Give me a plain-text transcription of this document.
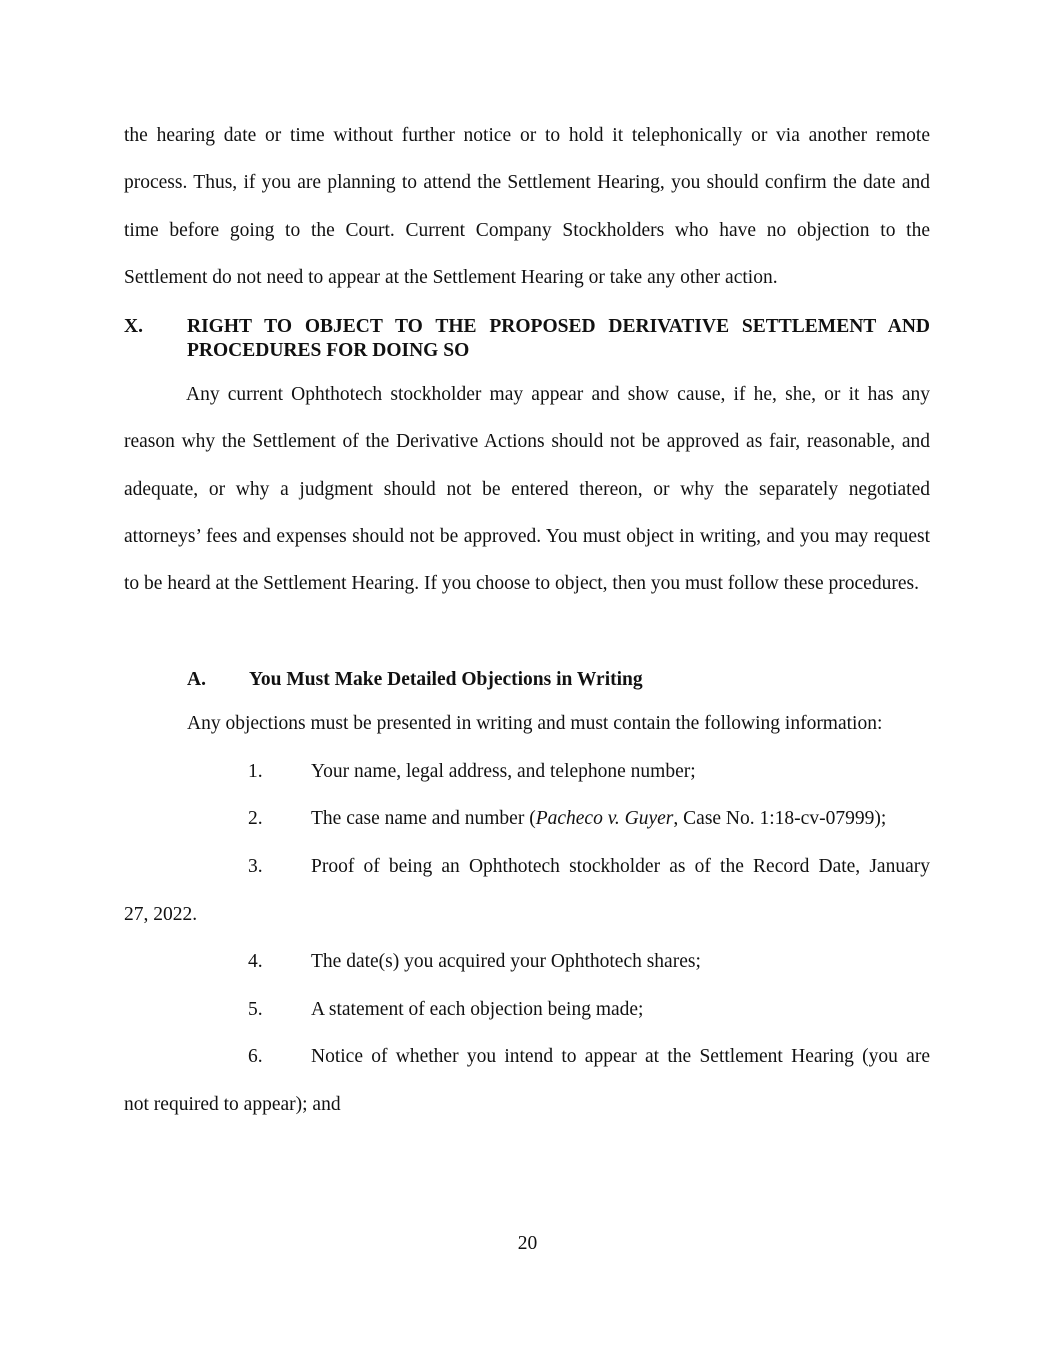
the hearing date or time without further notice or to hold it telephonically or via another remote process. Thus, if you are planning to attend the Settlement Hearing, you should confirm the date and time before going to the Court. Current Company Stockholders who have no objection to the Settlement do not need to appear at the Settlement Hearing or take any other action.

X. RIGHT TO OBJECT TO THE PROPOSED DERIVATIVE SETTLEMENT AND PROCEDURES FOR DOING SO

Any current Ophthotech stockholder may appear and show cause, if he, she, or it has any reason why the Settlement of the Derivative Actions should not be approved as fair, reasonable, and adequate, or why a judgment should not be entered thereon, or why the separately negotiated attorneys’ fees and expenses should not be approved. You must object in writing, and you may request to be heard at the Settlement Hearing. If you choose to object, then you must follow these procedures.

A. You Must Make Detailed Objections in Writing
Any objections must be presented in writing and must contain the following information:
1. Your name, legal address, and telephone number;
2. The case name and number (Pacheco v. Guyer, Case No. 1:18-cv-07999);
3. Proof of being an Ophthotech stockholder as of the Record Date, January
27, 2022.
4. The date(s) you acquired your Ophthotech shares;
5. A statement of each objection being made;
6. Notice of whether you intend to appear at the Settlement Hearing (you are
not required to appear); and
20
